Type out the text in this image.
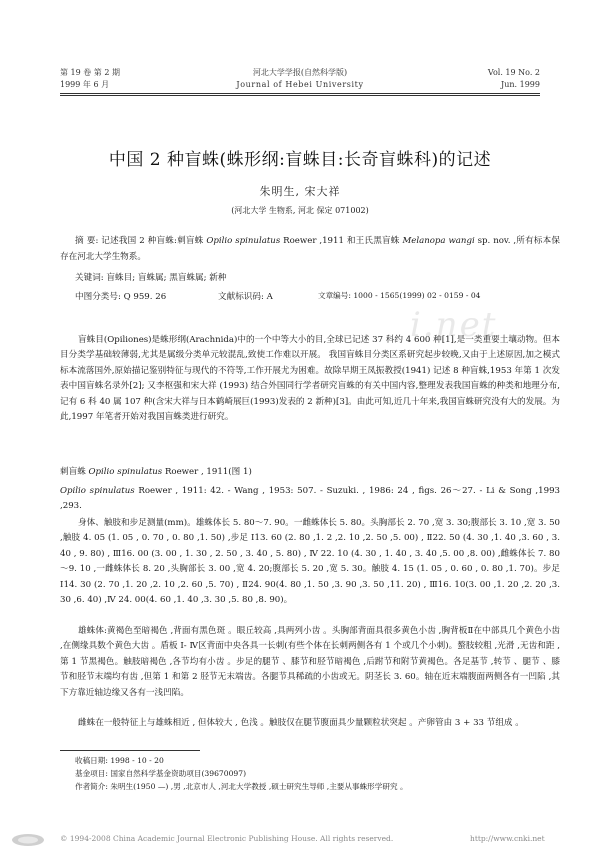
第 19 卷 第 2 期
1999 年 6 月
河北大学学报(自然科学版)
Journal of Hebei University
Vol. 19 No. 2
Jun. 1999
中国 2 种盲蛛(蛛形纲:盲蛛目:长奇盲蛛科)的记述
朱明生, 宋大祥
(河北大学 生物系, 河北 保定 071002)
摘 要: 记述我国 2 种盲蛛:刺盲蛛 Opilio spinulatus Roewer ,1911 和王氏黑盲蛛 Melanopa wangi sp. nov. ,所有标本保存在河北大学生物系。
关键词: 盲蛛目; 盲蛛属; 黑盲蛛属; 新种
中图分类号: Q 959. 26	文献标识码: A	文章编号: 1000 - 1565(1999) 02 - 0159 - 04
i.net
盲蛛目(Opiliones)是蛛形纲(Arachnida)中的一个中等大小的目,全球已记述 37 科约 4 600 种[1],是一类重要土壤动物。但本目分类学基础较薄弱,尤其是属级分类单元较混乱,致使工作难以开展。 我国盲蛛目分类区系研究起步较晚,又由于上述原因,加之模式标本流落国外,原始描记鉴别特征与现代的不符等,工作开展尤为困难。故除早期王凤振教授(1941) 记述 8 种盲蛛,1953 年第 1 次发表中国盲蛛名录外[2]; 又李枢强和宋大祥 (1993) 结合外国同行学者研究盲蛛的有关中国内容,整理发表我国盲蛛的种类和地理分布,记有 6 科 40 属 107 种(含宋大祥与日本鹤崎展巨(1993)发表的 2 新种)[3]。由此可知,近几十年来,我国盲蛛研究没有大的发展。为此,1997 年笔者开始对我国盲蛛类进行研究。
刺盲蛛 Opilio spinulatus Roewer , 1911(图 1)
Opilio spinulatus Roewer , 1911: 42. - Wang , 1953: 507. - Suzuki. , 1986: 24 , figs. 26～27. - Li & Song ,1993 ,293.
身体、触肢和步足测量(mm)。雄蛛体长 5. 80～7. 90。一雌蛛体长 5. 80。头胸部长 2. 70 ,宽 3. 30;腹部长 3. 10 ,宽 3. 50 ,触肢 4. 05 (1. 05 , 0. 70 , 0. 80 ,1. 50) ,步足 Ⅰ13. 60 (2. 80 ,1. 2 ,2. 10 ,2. 50 ,5. 00) , Ⅱ22. 50 (4. 30 ,1. 40 ,3. 60 , 3. 40 , 9. 80) , Ⅲ16. 00 (3. 00 , 1. 30 , 2. 50 , 3. 40 , 5. 80) , Ⅳ 22. 10 (4. 30 , 1. 40 , 3. 40 ,5. 00 ,8. 00) ,雌蛛体长 7. 80～9. 10 ,一雌蛛体长 8. 20 ,头胸部长 3. 00 ,宽 4. 20;腹部长 5. 20 ,宽 5. 30。触肢 4. 15 (1. 05 , 0. 60 , 0. 80 ,1. 70)。步足 Ⅰ14. 30 (2. 70 ,1. 20 ,2. 10 ,2. 60 ,5. 70) , Ⅱ24. 90(4. 80 ,1. 50 ,3. 90 ,3. 50 ,11. 20) , Ⅲ16. 10(3. 00 ,1. 20 ,2. 20 ,3. 30 ,6. 40) ,Ⅳ 24. 00(4. 60 ,1. 40 ,3. 30 ,5. 80 ,8. 90)。
雄蛛体:黄褐色至暗褐色 ,背面有黑色斑 。眼丘较高 ,具两列小齿 。头胸部背面具很多黄色小齿 ,胸背板Ⅱ在中部具几个黄色小齿 ,在侧缘具数个黄色大齿 。盾板 Ⅰ- Ⅳ区背面中央各具一长刺(有些个体在长刺两侧各有 1 个或几个小刺)。螯肢较粗 ,光滑 ,无齿和距 ,第 1 节黑褐色。触肢暗褐色 ,各节均有小齿 。步足的腿节 、膝节和胫节暗褐色 ,后跗节和附节黄褐色。各足基节 ,转节 、腿节 、膝节和胫节末端均有齿 ,但第 1 和第 2 胫节无末端齿。各腿节具稀疏的小齿或无。阴茎长 3. 60。轴在近末端腹面两侧各有一凹陷 ,其下方靠近轴边缘又各有一浅凹陷。
雌蛛在一般特征上与雄蛛相近 , 但体较大 , 色浅 。触肢仅在腿节腹面具少量颗粒状突起 。产卵管由 3 + 33 节组成 。
收稿日期: 1998 - 10 - 20
基金项目: 国家自然科学基金资助项目(39670097)
作者简介: 朱明生(1950 —) ,男 ,北京市人 ,河北大学教授 ,硕士研究生导师 ,主要从事蛛形学研究 。
© 1994-2008 China Academic Journal Electronic Publishing House. All rights reserved.	http://www.cnki.net
